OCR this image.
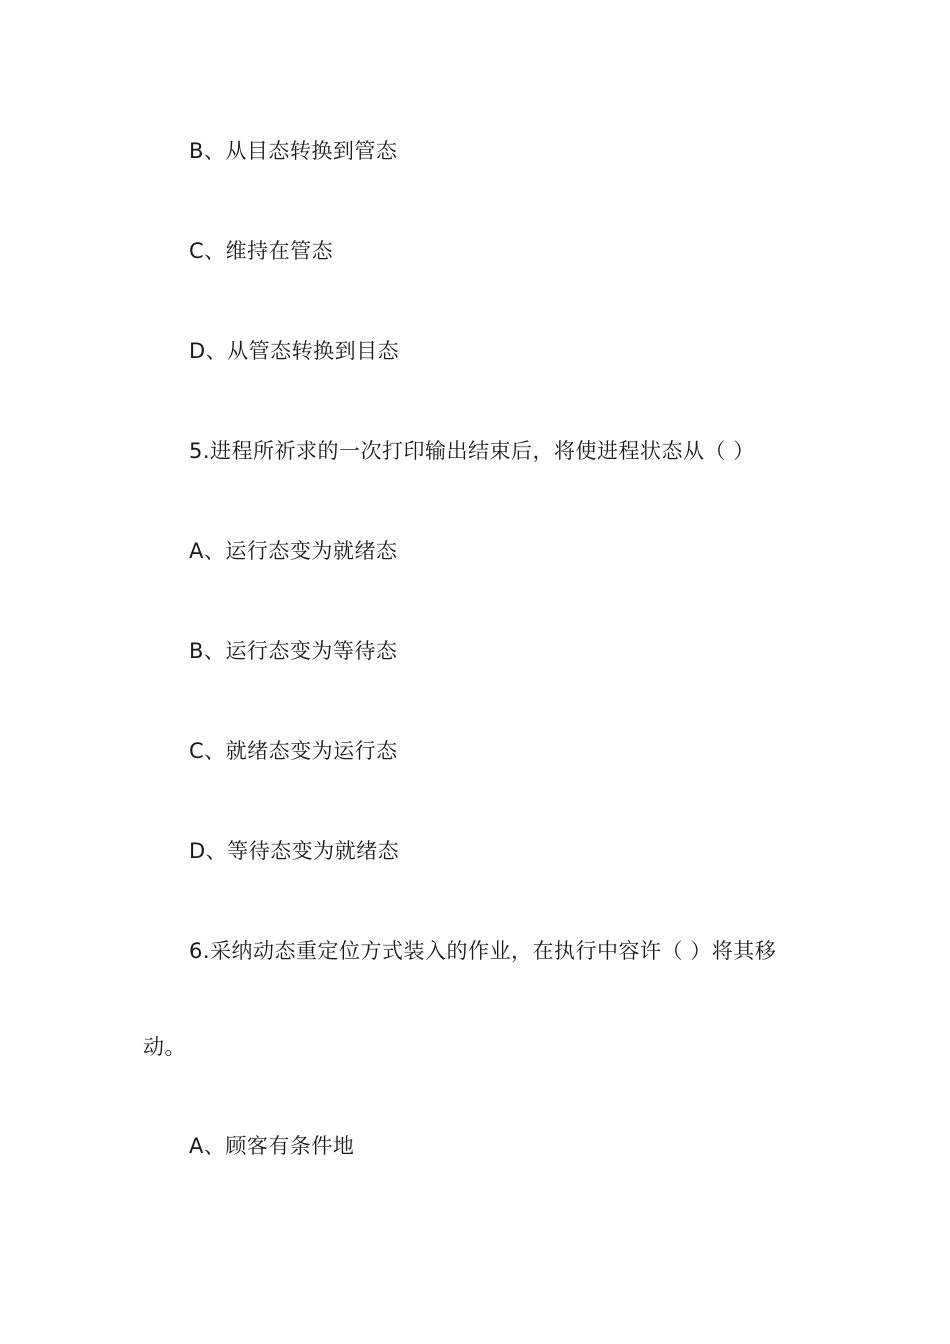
B、从目态转换到管态
C、维持在管态
D、从管态转换到目态
5.进程所祈求的一次打印输出结束后，将使进程状态从（ ）
A、运行态变为就绪态
B、运行态变为等待态
C、就绪态变为运行态
D、等待态变为就绪态
6.采纳动态重定位方式装入的作业，在执行中容许（ ）将其移
动。
A、顾客有条件地
